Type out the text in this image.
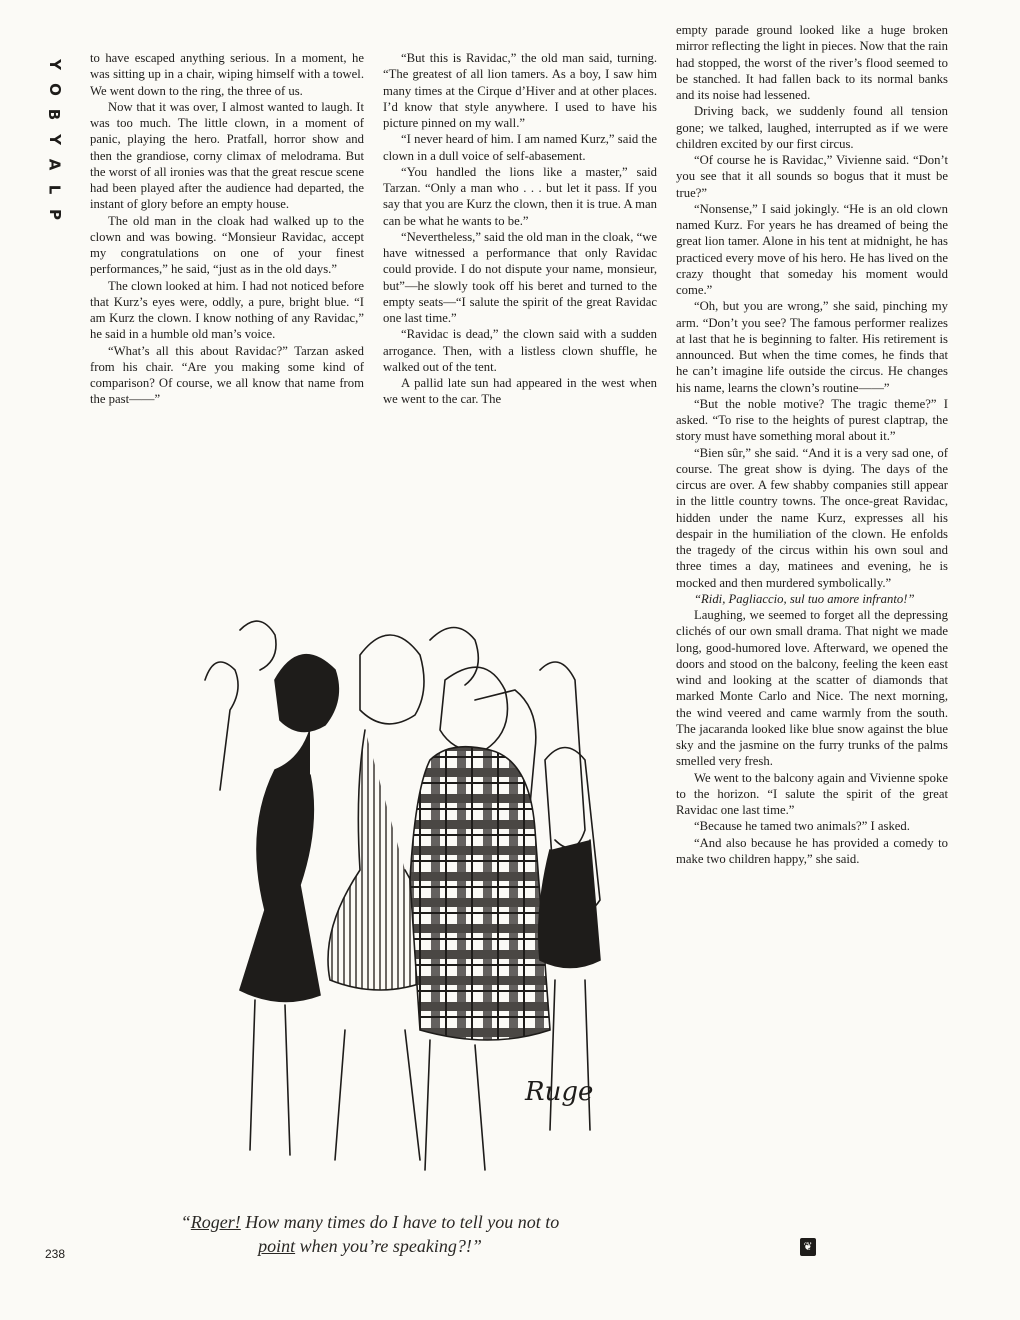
Y
O
B
Y
A
L
P

to have escaped anything serious. In a moment, he was sitting up in a chair, wiping himself with a towel. We went down to the ring, the three of us.

Now that it was over, I almost wanted to laugh. It was too much. The little clown, in a moment of panic, playing the hero. Pratfall, horror show and then the grandiose, corny climax of melodrama. But the worst of all ironies was that the great rescue scene had been played after the audience had departed, the instant of glory before an empty house.

The old man in the cloak had walked up to the clown and was bowing. “Monsieur Ravidac, accept my congratulations on one of your finest performances,” he said, “just as in the old days.”

The clown looked at him. I had not noticed before that Kurz’s eyes were, oddly, a pure, bright blue. “I am Kurz the clown. I know nothing of any Ravidac,” he said in a humble old man’s voice.

“What’s all this about Ravidac?” Tarzan asked from his chair. “Are you making some kind of comparison? Of course, we all know that name from the past——”

“But this is Ravidac,” the old man said, turning. “The greatest of all lion tamers. As a boy, I saw him many times at the Cirque d’Hiver and at other places. I’d know that style anywhere. I used to have his picture pinned on my wall.”

“I never heard of him. I am named Kurz,” said the clown in a dull voice of self-abasement.

“You handled the lions like a master,” said Tarzan. “Only a man who . . . but let it pass. If you say that you are Kurz the clown, then it is true. A man can be what he wants to be.”

“Nevertheless,” said the old man in the cloak, “we have witnessed a performance that only Ravidac could provide. I do not dispute your name, monsieur, but”—he slowly took off his beret and turned to the empty seats—“I salute the spirit of the great Ravidac one last time.”

“Ravidac is dead,” the clown said with a sudden arrogance. Then, with a listless clown shuffle, he walked out of the tent.

A pallid late sun had appeared in the west when we went to the car. The

empty parade ground looked like a huge broken mirror reflecting the light in pieces. Now that the rain had stopped, the worst of the river’s flood seemed to be stanched. It had fallen back to its normal banks and its noise had lessened.

Driving back, we suddenly found all tension gone; we talked, laughed, interrupted as if we were children excited by our first circus.

“Of course he is Ravidac,” Vivienne said. “Don’t you see that it all sounds so bogus that it must be true?”

“Nonsense,” I said jokingly. “He is an old clown named Kurz. For years he has dreamed of being the great lion tamer. Alone in his tent at midnight, he has practiced every move of his hero. He has lived on the crazy thought that someday his moment would come.”

“Oh, but you are wrong,” she said, pinching my arm. “Don’t you see? The famous performer realizes at last that he is beginning to falter. His retirement is announced. But when the time comes, he finds that he can’t imagine life outside the circus. He changes his name, learns the clown’s routine——”

“But the noble motive? The tragic theme?” I asked. “To rise to the heights of purest claptrap, the story must have something moral about it.”

“Bien sûr,” she said. “And it is a very sad one, of course. The great show is dying. The days of the circus are over. A few shabby companies still appear in the little country towns. The once-great Ravidac, hidden under the name Kurz, expresses all his despair in the humiliation of the clown. He enfolds the tragedy of the circus within his own soul and three times a day, matinees and evening, he is mocked and then murdered symbolically.”

“Ridi, Pagliaccio, sul tuo amore infranto!”

Laughing, we seemed to forget all the depressing clichés of our own small drama. That night we made long, good-humored love. Afterward, we opened the doors and stood on the balcony, feeling the keen east wind and looking at the scatter of diamonds that marked Monte Carlo and Nice. The next morning, the wind veered and came warmly from the south. The jacaranda looked like blue snow against the blue sky and the jasmine on the furry trunks of the palms smelled very fresh.

We went to the balcony again and Vivienne spoke to the horizon. “I salute the spirit of the great Ravidac one last time.”

“Because he tamed two animals?” I asked.

“And also because he has provided a comedy to make two children happy,” she said.

Ruge
“Roger! How many times do I have to tell you not to
point when you’re speaking?!”
238
❦
